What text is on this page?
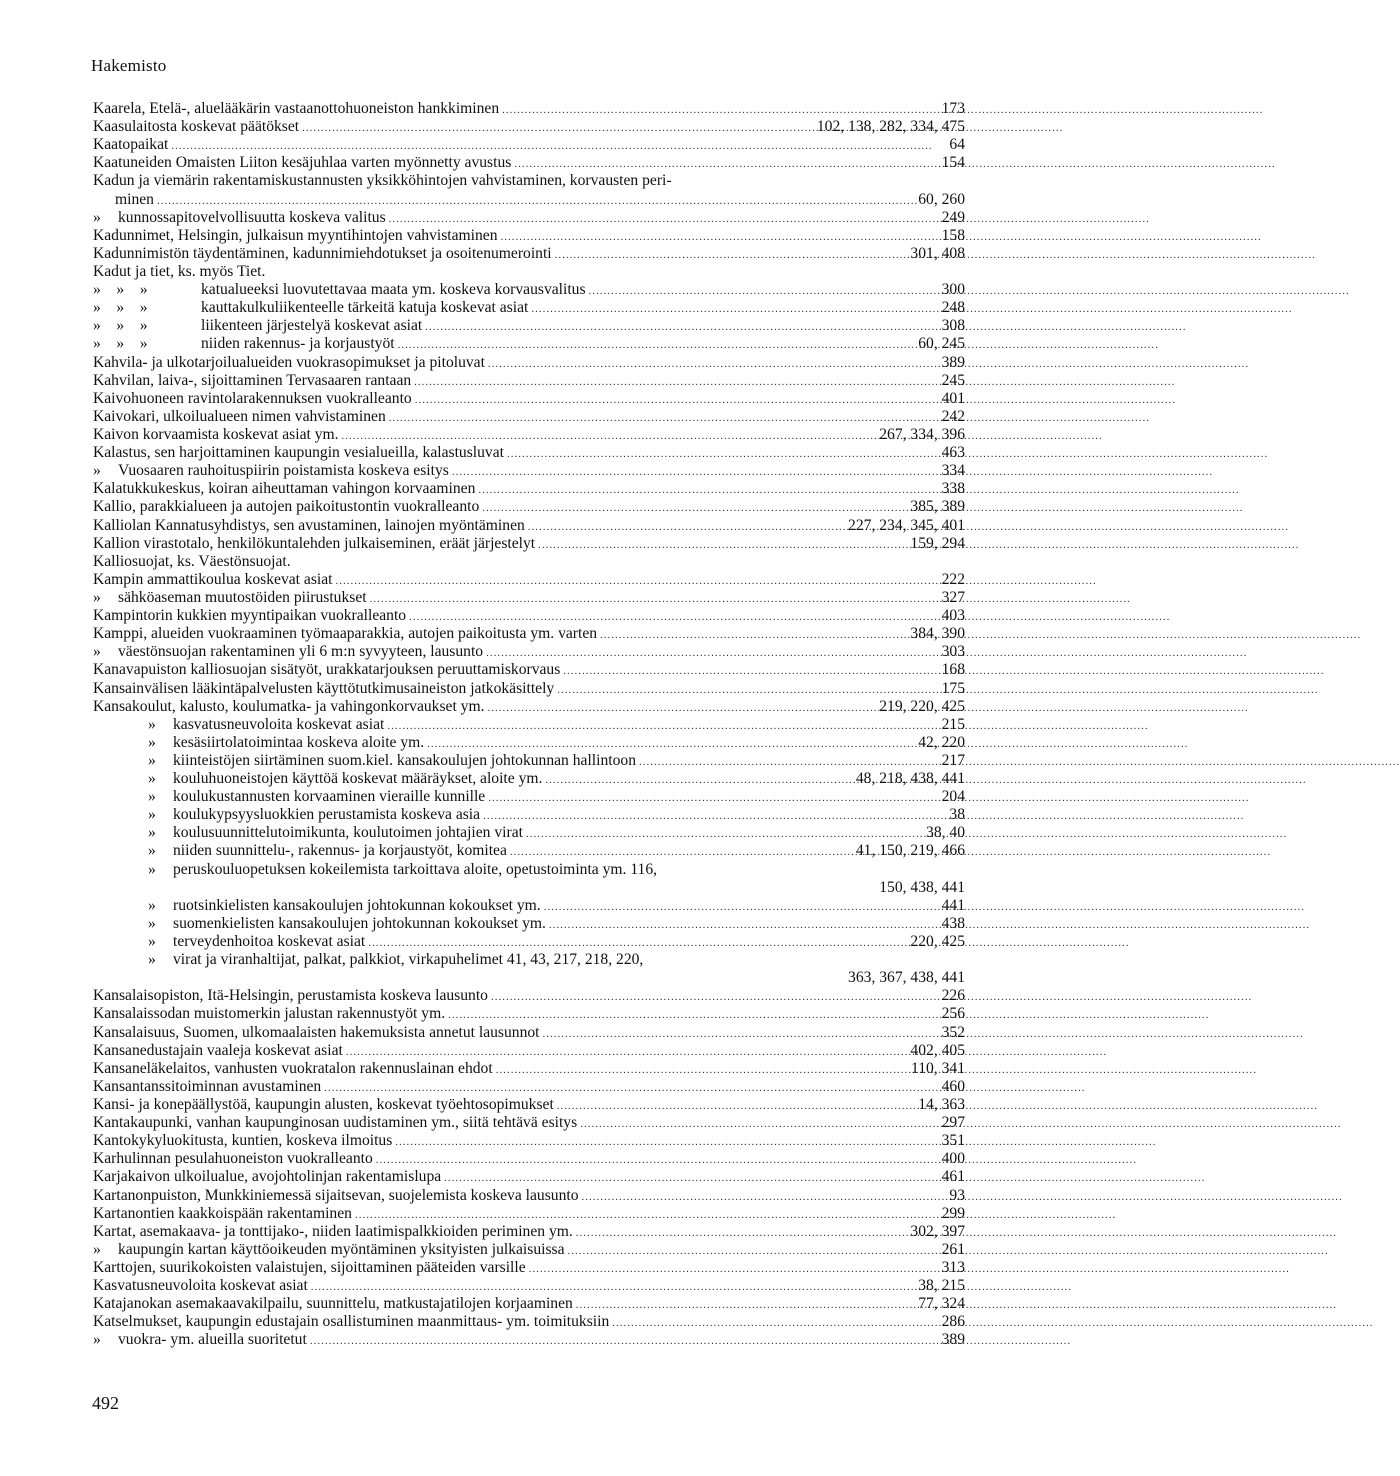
Hakemisto
Kaarela, Etelä-, aluelääkärin vastaanottohuoneiston hankkiminen .....	173
Kaasulaitosta koskevat päätökset .....	102, 138, 282, 334, 475
Kaatopaikat .....	64
Kaatuneiden Omaisten Liiton kesäjuhlaa varten myönnetty avustus .....	154
Kadun ja viemärin rakentamiskustannusten yksikköhintojen vahvistaminen, korvausten peri-
minen .....	60, 260
»	kunnossapitovelvollisuutta koskeva valitus .....	249
Kadunnimet, Helsingin, julkaisun myyntihintojen vahvistaminen .....	158
Kadunnimistön täydentäminen, kadunnimiehdotukset ja osoitenumerointi .....	301, 408
Kadut ja tiet, ks. myös Tiet.
»    »    »	katualueeksi luovutettavaa maata ym. koskeva korvausvalitus .....	300
»    »    »	kauttakulkuliikenteelle tärkeitä katuja koskevat asiat .....	248
»    »    »	liikenteen järjestelyä koskevat asiat .....	308
»    »    »	niiden rakennus- ja korjaustyöt .....	60, 245
Kahvila- ja ulkotarjoilualueiden vuokrasopimukset ja pitoluvat .....	389
Kahvilan, laiva-, sijoittaminen Tervasaaren rantaan .....	245
Kaivohuoneen ravintolarakennuksen vuokralleanto .....	401
Kaivokari, ulkoilualueen nimen vahvistaminen .....	242
Kaivon korvaamista koskevat asiat ym. .....	267, 334, 396
Kalastus, sen harjoittaminen kaupungin vesialueilla, kalastusluvat .....	463
»	Vuosaaren rauhoituspiirin poistamista koskeva esitys .....	334
Kalatukkukeskus, koiran aiheuttaman vahingon korvaaminen .....	338
Kallio, parakkialueen ja autojen paikoitustontin vuokralleanto .....	385, 389
Kalliolan Kannatusyhdistys, sen avustaminen, lainojen myöntäminen .....	227, 234, 345, 401
Kallion virastotalo, henkilökuntalehden julkaiseminen, eräät järjestelyt .....	159, 294
Kalliosuojat, ks. Väestönsuojat.
Kampin ammattikoulua koskevat asiat .....	222
»	sähköaseman muutostöiden piirustukset .....	327
Kampintorin kukkien myyntipaikan vuokralleanto .....	403
Kamppi, alueiden vuokraaminen työmaaparakkia, autojen paikoitusta ym. varten .....	384, 390
»	väestönsuojan rakentaminen yli 6 m:n syvyyteen, lausunto .....	303
Kanavapuiston kalliosuojan sisätyöt, urakkatarjouksen peruuttamiskorvaus .....	168
Kansainvälisen lääkintäpalvelusten käyttötutkimusaineiston jatkokäsittely .....	175
Kansakoulut, kalusto, koulumatka- ja vahingonkorvaukset ym. .....	219, 220, 425
»	kasvatusneuvoloita koskevat asiat .....	215
»	kesäsiirtolatoimintaa koskeva aloite ym. .....	42, 220
»	kiinteistöjen siirtäminen suom.kiel. kansakoulujen johtokunnan hallintoon .....	217
»	kouluhuoneistojen käyttöä koskevat määräykset, aloite ym. .....	48, 218, 438, 441
»	koulukustannusten korvaaminen vieraille kunnille .....	204
»	koulukypsyysluokkien perustamista koskeva asia .....	38
»	koulusuunnittelutoimikunta, koulutoimen johtajien virat .....	38, 40
»	niiden suunnittelu-, rakennus- ja korjaustyöt, komitea .....	41, 150, 219, 466
»	peruskouluopetuksen kokeilemista tarkoittava aloite, opetustoiminta ym. 116,
150, 438, 441
»	ruotsinkielisten kansakoulujen johtokunnan kokoukset ym. .....	441
»	suomenkielisten kansakoulujen johtokunnan kokoukset ym. .....	438
»	terveydenhoitoa koskevat asiat .....	220, 425
»	virat ja viranhaltijat, palkat, palkkiot, virkapuhelimet 41, 43, 217, 218, 220,
363, 367, 438, 441
Kansalaisopiston, Itä-Helsingin, perustamista koskeva lausunto .....	226
Kansalaissodan muistomerkin jalustan rakennustyöt ym. .....	256
Kansalaisuus, Suomen, ulkomaalaisten hakemuksista annetut lausunnot .....	352
Kansanedustajain vaaleja koskevat asiat .....	402, 405
Kansaneläkelaitos, vanhusten vuokratalon rakennuslainan ehdot .....	110, 341
Kansantanssitoiminnan avustaminen .....	460
Kansi- ja konepäällystöä, kaupungin alusten, koskevat työehtosopimukset .....	14, 363
Kantakaupunki, vanhan kaupunginosan uudistaminen ym., siitä tehtävä esitys .....	297
Kantokykyluokitusta, kuntien, koskeva ilmoitus .....	351
Karhulinnan pesulahuoneiston vuokralleanto .....	400
Karjakaivon ulkoilualue, avojohtolinjan rakentamislupa .....	461
Kartanonpuiston, Munkkiniemessä sijaitsevan, suojelemista koskeva lausunto .....	93
Kartanontien kaakkoispään rakentaminen .....	299
Kartat, asemakaava- ja tonttijako-, niiden laatimispalkkioiden periminen ym. .....	302, 397
»	kaupungin kartan käyttöoikeuden myöntäminen yksityisten julkaisuissa .....	261
Karttojen, suurikokoisten valaistujen, sijoittaminen pääteiden varsille .....	313
Kasvatusneuvoloita koskevat asiat .....	38, 215
Katajanokan asemakaavakilpailu, suunnittelu, matkustajatilojen korjaaminen .....	77, 324
Katselmukset, kaupungin edustajain osallistuminen maanmittaus- ym. toimituksiin .....	286
»	vuokra- ym. alueilla suoritetut .....	389
492
